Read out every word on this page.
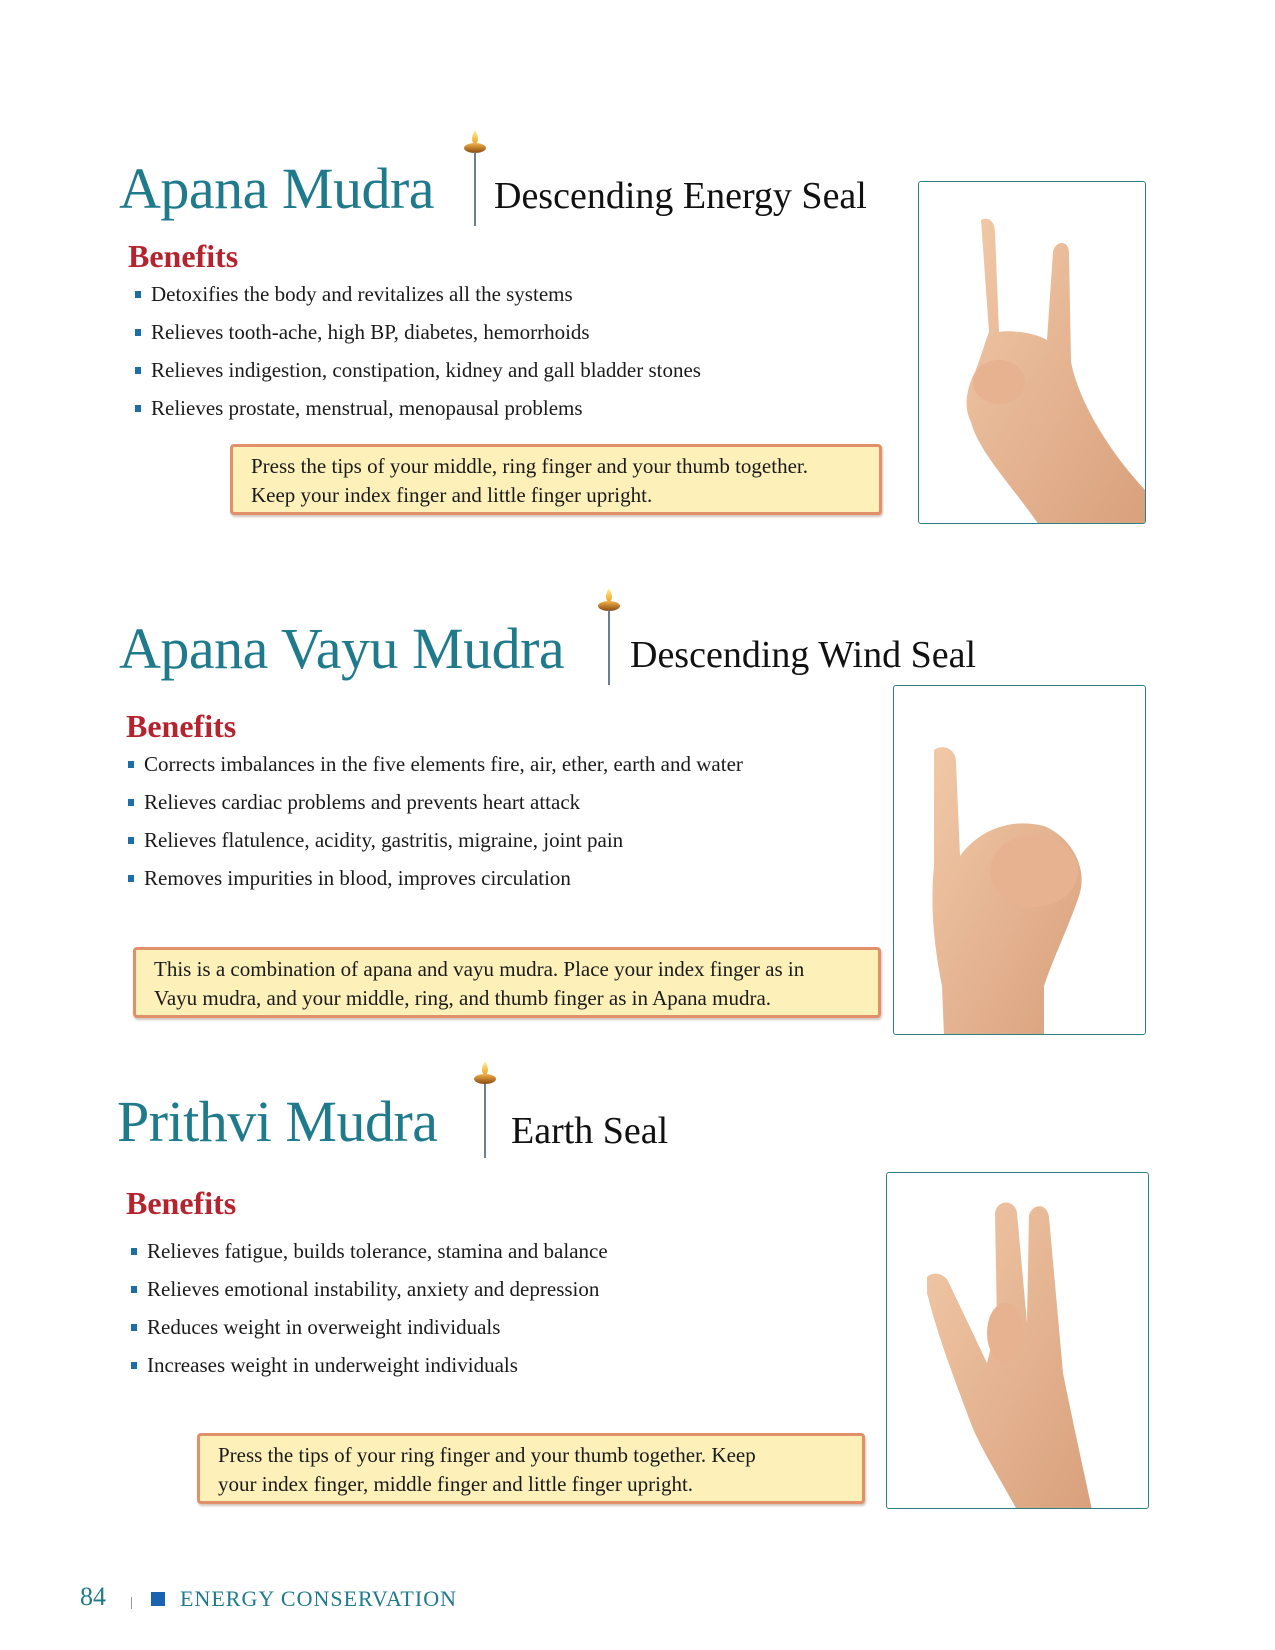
Apana Mudra Descending Energy Seal
Benefits
Detoxifies the body and revitalizes all the systems
Relieves tooth-ache, high BP, diabetes, hemorrhoids
Relieves indigestion, constipation, kidney and gall bladder stones
Relieves prostate, menstrual, menopausal problems
Press the tips of your middle, ring finger and your thumb together.
Keep your index finger and little finger upright.
Apana Vayu Mudra Descending Wind Seal
Benefits
Corrects imbalances in the five elements fire, air, ether, earth and water
Relieves cardiac problems and prevents heart attack
Relieves flatulence, acidity, gastritis, migraine, joint pain
Removes impurities in blood, improves circulation
This is a combination of apana and vayu mudra. Place your index finger as in
Vayu mudra, and your middle, ring, and thumb finger as in Apana mudra.
Prithvi Mudra Earth Seal
Benefits
Relieves fatigue, builds tolerance, stamina and balance
Relieves emotional instability, anxiety and depression
Reduces weight in overweight individuals
Increases weight in underweight individuals
Press the tips of your ring finger and your thumb together. Keep
your index finger, middle finger and little finger upright.
84	ENERGY CONSERVATION
